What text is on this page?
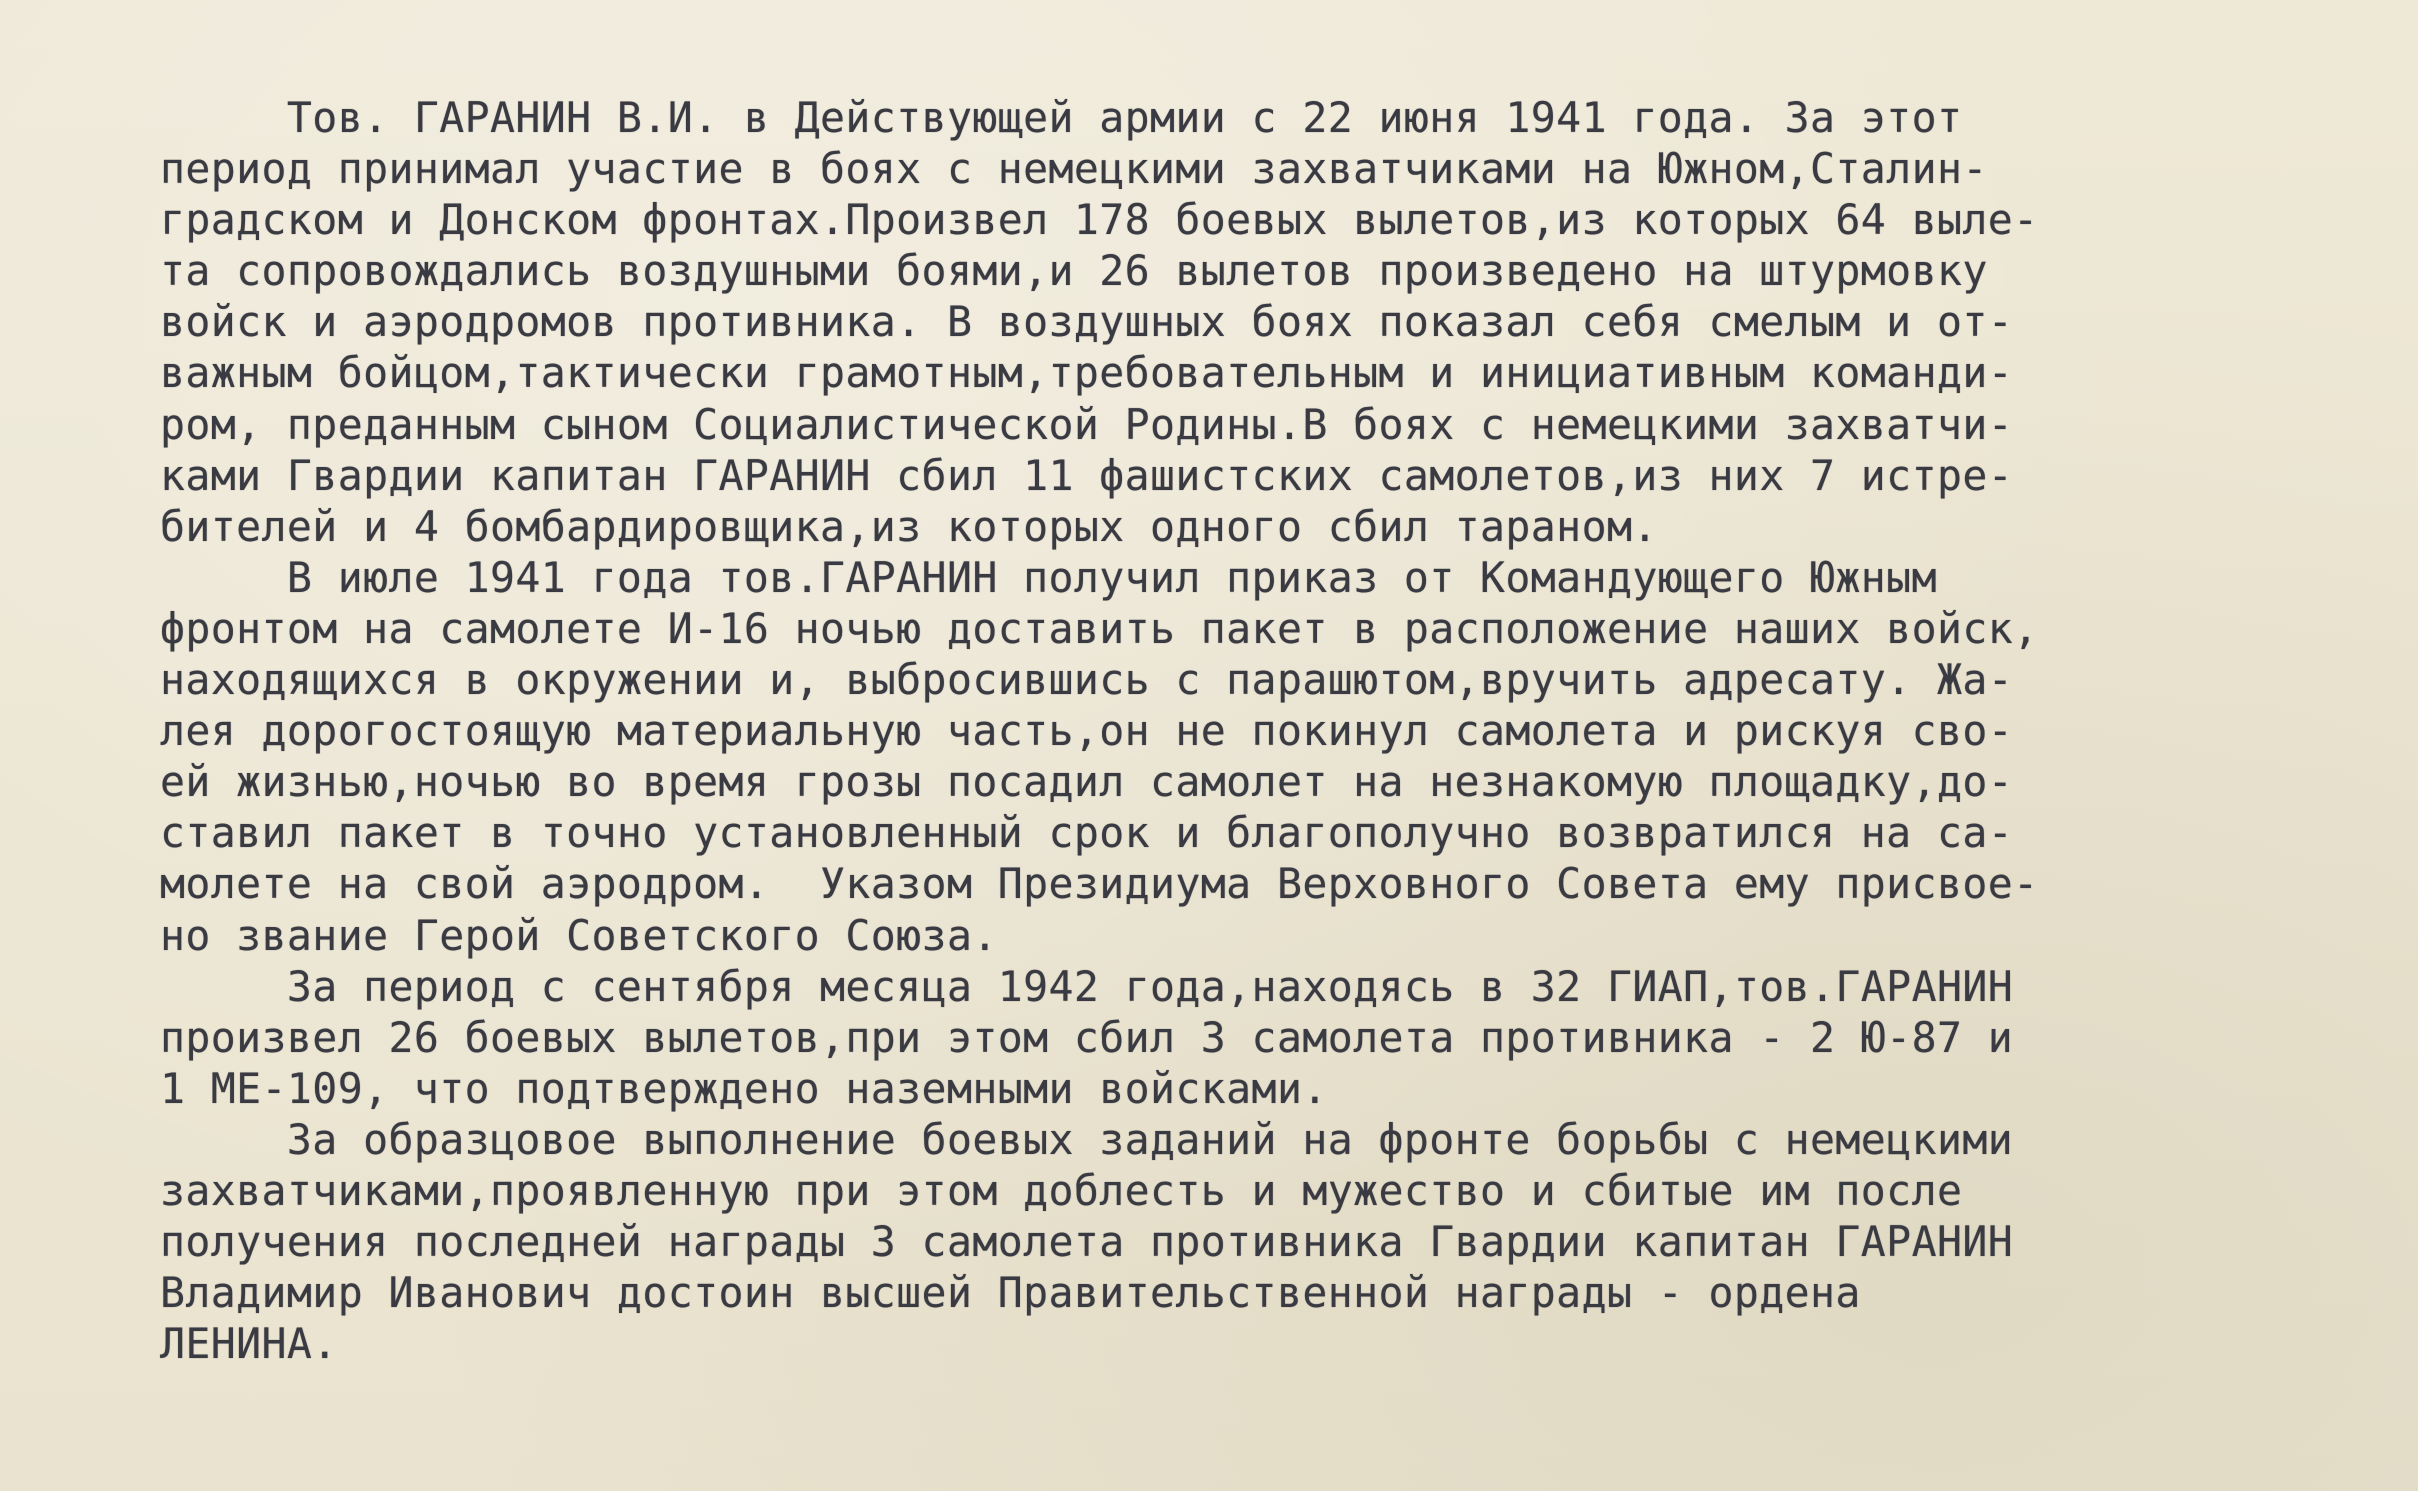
Тов. ГАРАНИН В.И. в Действующей армии с 22 июня 1941 года. За этот
период принимал участие в боях с немецкими захватчиками на Южном,Сталин-
градском и Донском фронтах.Произвел 178 боевых вылетов,из которых 64 выле-
та сопровождались воздушными боями,и 26 вылетов произведено на штурмовку
войск и аэродромов противника. В воздушных боях показал себя смелым и от-
важным бойцом,тактически грамотным,требовательным и инициативным команди-
ром, преданным сыном Социалистической Родины.В боях с немецкими захватчи-
ками Гвардии капитан ГАРАНИН сбил 11 фашистских самолетов,из них 7 истре-
бителей и 4 бомбардировщика,из которых одного сбил тараном.
В июле 1941 года тов.ГАРАНИН получил приказ от Командующего Южным
фронтом на самолете И-16 ночью доставить пакет в расположение наших войск,
находящихся в окружении и, выбросившись с парашютом,вручить адресату. Жа-
лея дорогостоящую материальную часть,он не покинул самолета и рискуя сво-
ей жизнью,ночью во время грозы посадил самолет на незнакомую площадку,до-
ставил пакет в точно установленный срок и благополучно возвратился на са-
молете на свой аэродром.  Указом Президиума Верховного Совета ему присвое-
но звание Герой Советского Союза.
За период с сентября месяца 1942 года,находясь в 32 ГИАП,тов.ГАРАНИН
произвел 26 боевых вылетов,при этом сбил 3 самолета противника - 2 Ю-87 и
1 МЕ-109, что подтверждено наземными войсками.
За образцовое выполнение боевых заданий на фронте борьбы с немецкими
захватчиками,проявленную при этом доблесть и мужество и сбитые им после
получения последней награды 3 самолета противника Гвардии капитан ГАРАНИН
Владимир Иванович достоин высшей Правительственной награды - ордена
ЛЕНИНА.
